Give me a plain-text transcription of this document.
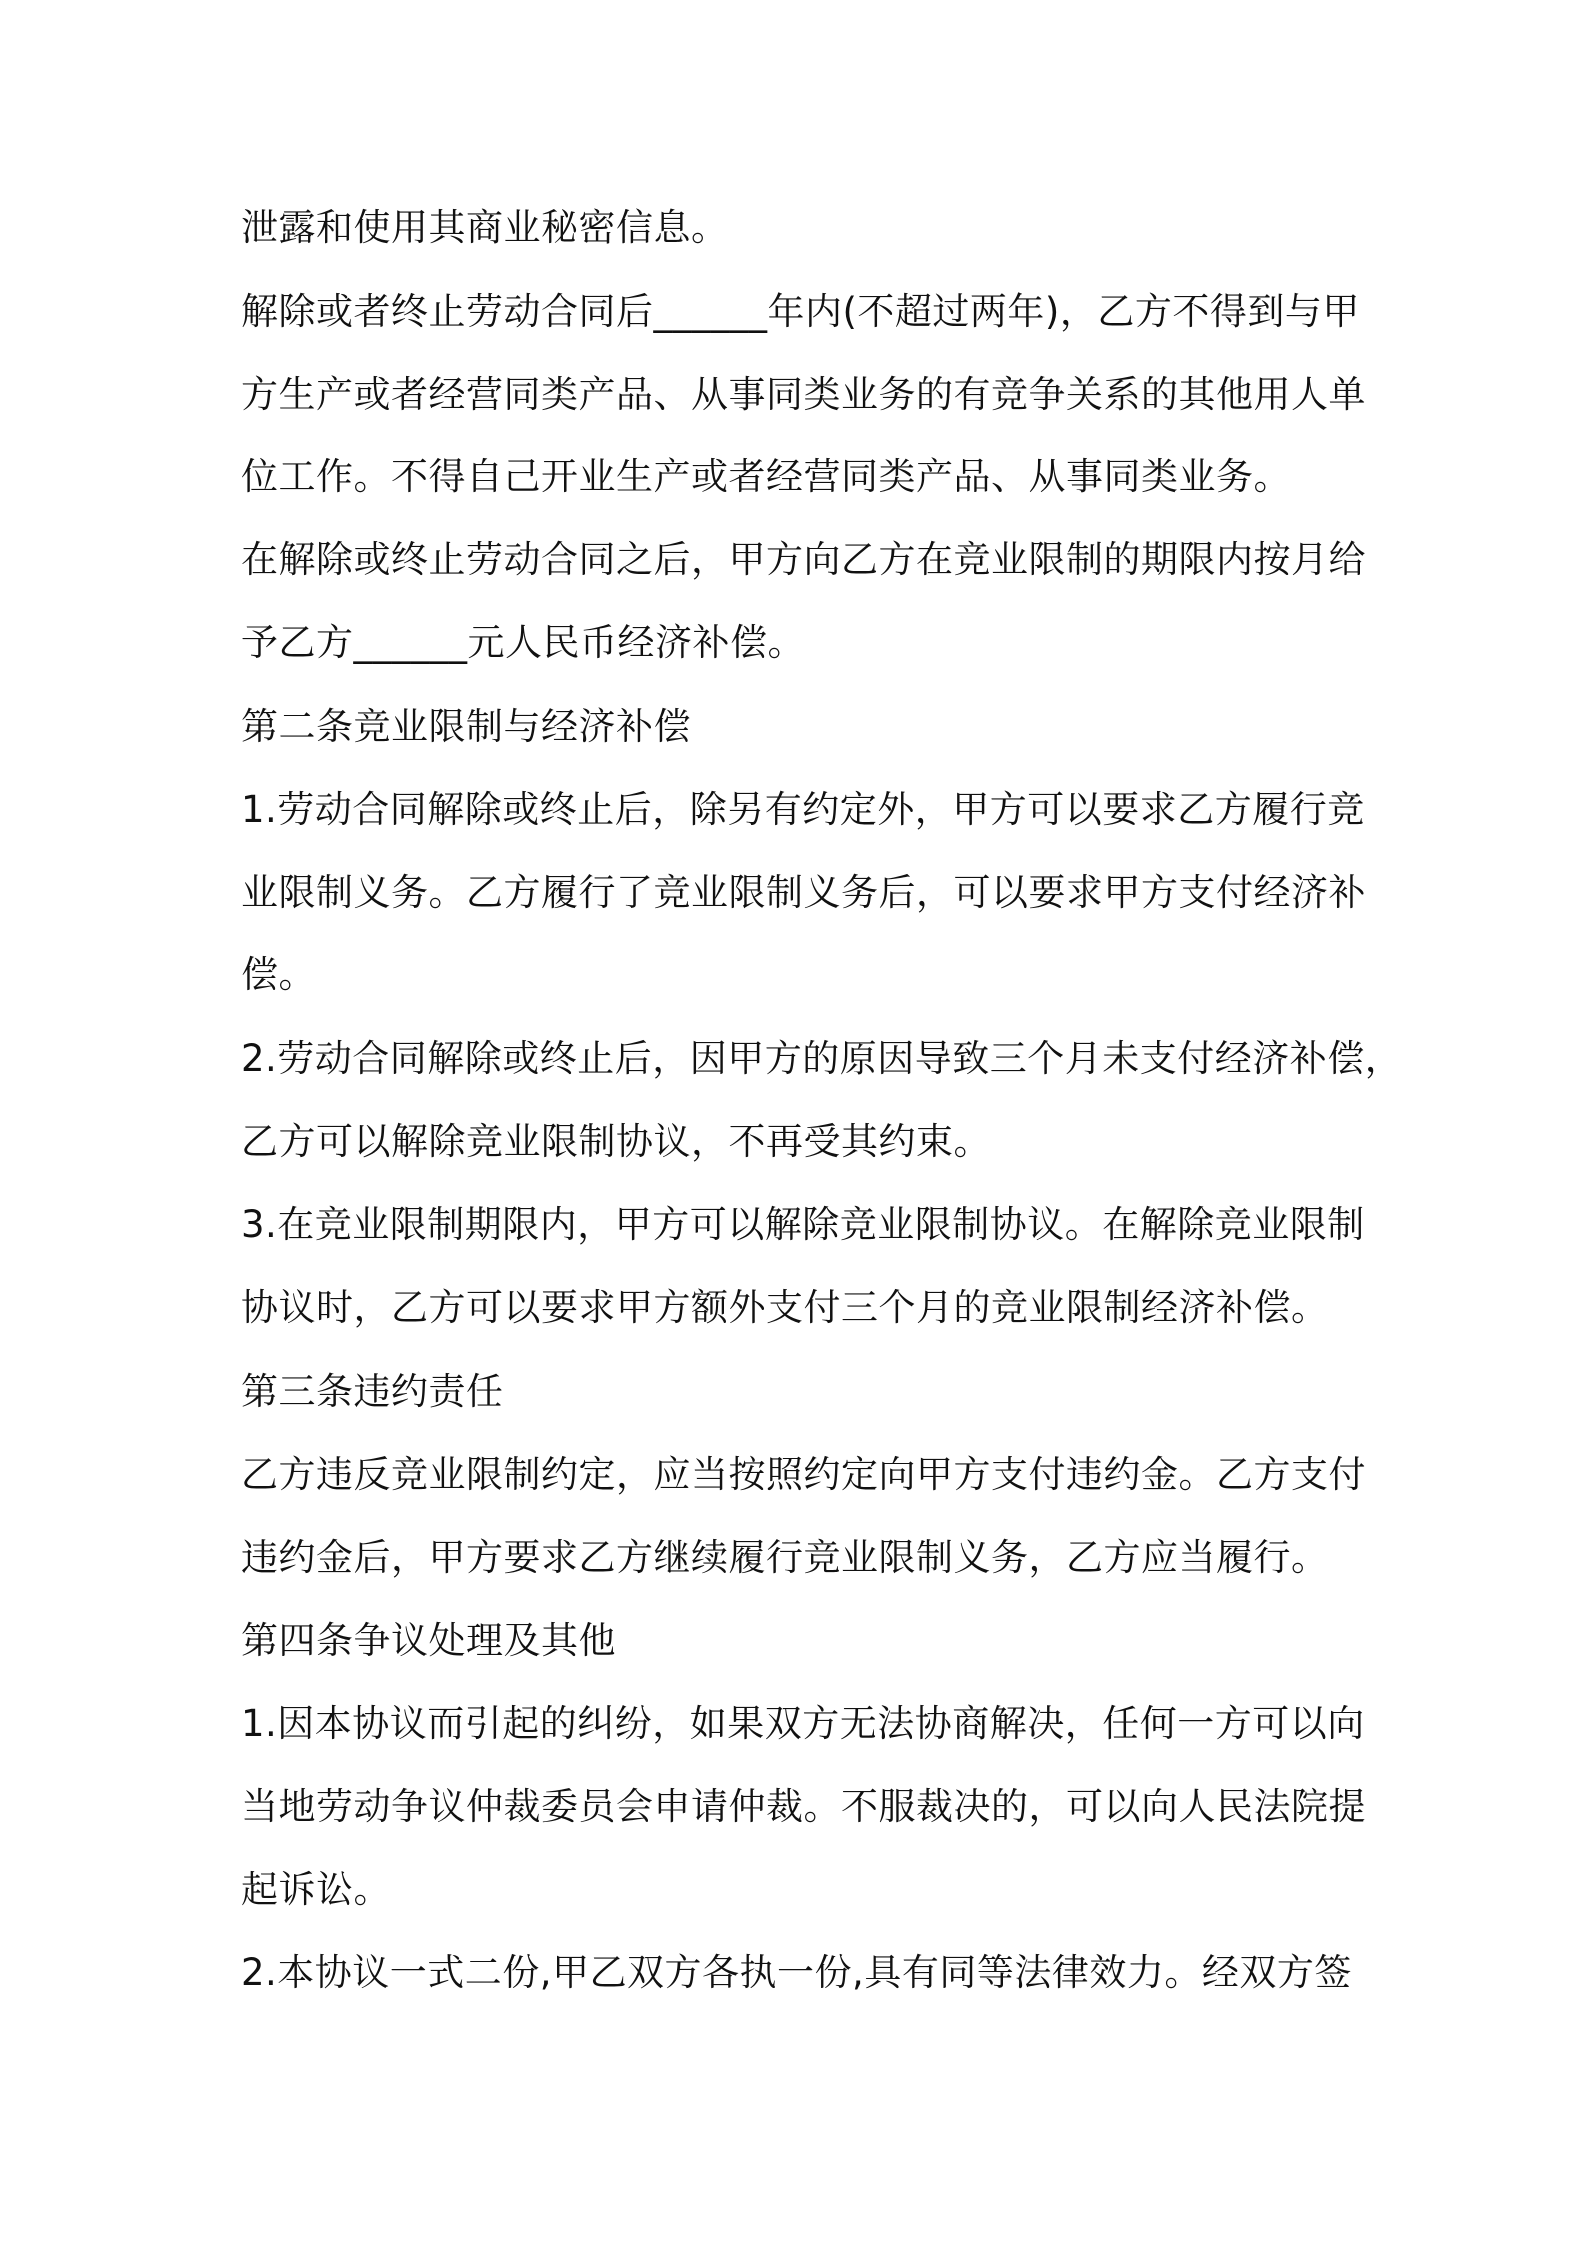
泄露和使用其商业秘密信息。
解除或者终止劳动合同后______年内(不超过两年)，乙方不得到与甲
方生产或者经营同类产品、从事同类业务的有竞争关系的其他用人单
位工作。不得自己开业生产或者经营同类产品、从事同类业务。
在解除或终止劳动合同之后，甲方向乙方在竞业限制的期限内按月给
予乙方______元人民币经济补偿。
第二条竞业限制与经济补偿
1.劳动合同解除或终止后，除另有约定外，甲方可以要求乙方履行竞
业限制义务。乙方履行了竞业限制义务后，可以要求甲方支付经济补
偿。
2.劳动合同解除或终止后，因甲方的原因导致三个月未支付经济补偿，
乙方可以解除竞业限制协议，不再受其约束。
3.在竞业限制期限内，甲方可以解除竞业限制协议。在解除竞业限制
协议时，乙方可以要求甲方额外支付三个月的竞业限制经济补偿。
第三条违约责任
乙方违反竞业限制约定，应当按照约定向甲方支付违约金。乙方支付
违约金后，甲方要求乙方继续履行竞业限制义务，乙方应当履行。
第四条争议处理及其他
1.因本协议而引起的纠纷，如果双方无法协商解决，任何一方可以向
当地劳动争议仲裁委员会申请仲裁。不服裁决的，可以向人民法院提
起诉讼。
2.本协议一式二份,甲乙双方各执一份,具有同等法律效力。经双方签
